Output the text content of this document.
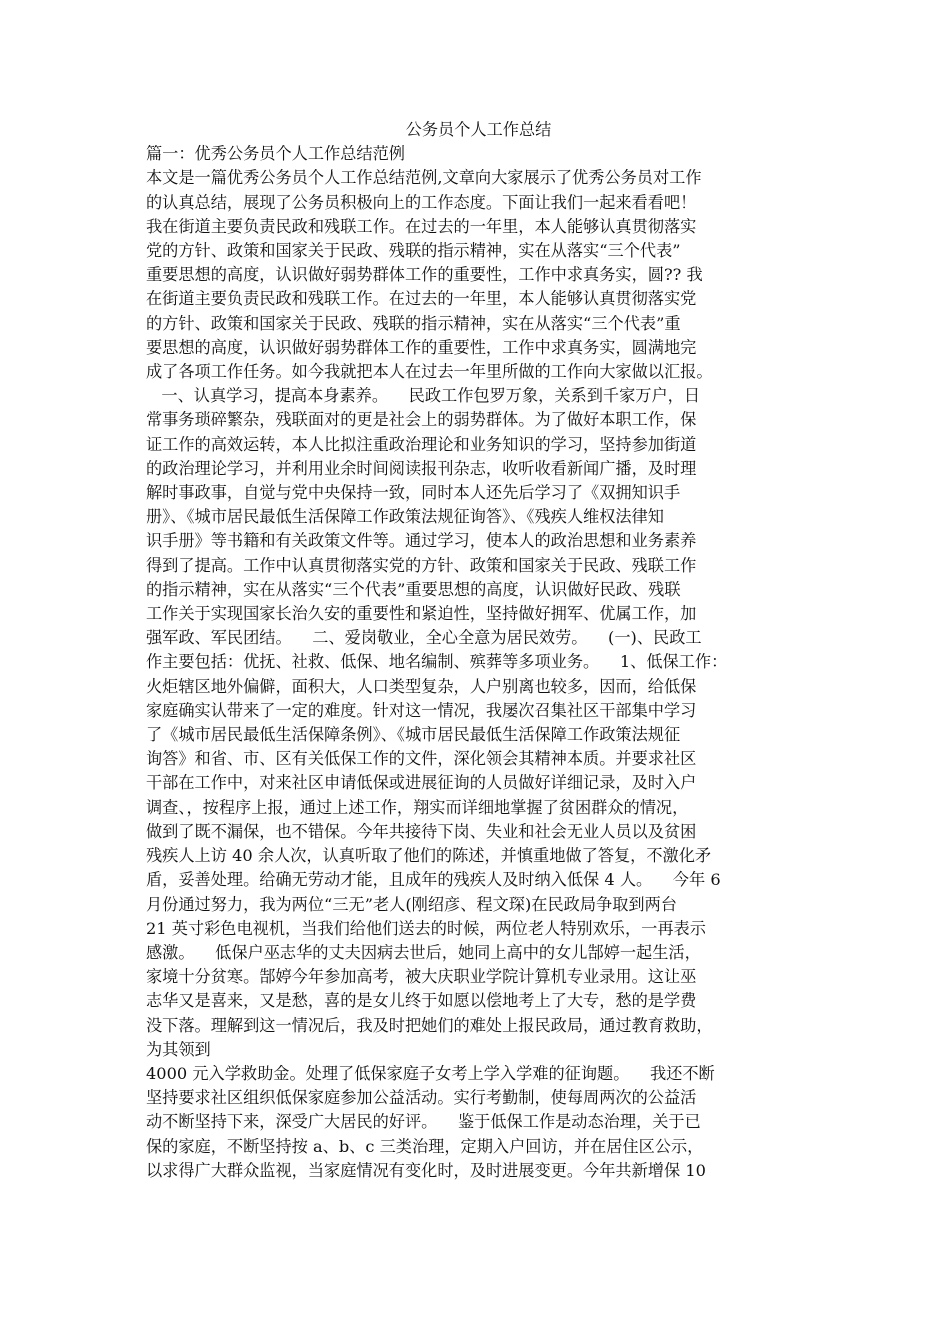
公务员个人工作总结
篇一：优秀公务员个人工作总结范例
本文是一篇优秀公务员个人工作总结范例,文章向大家展示了优秀公务员对工作
的认真总结，展现了公务员积极向上的工作态度。下面让我们一起来看看吧！
我在街道主要负责民政和残联工作。在过去的一年里，本人能够认真贯彻落实
党的方针、政策和国家关于民政、残联的指示精神，实在从落实“三个代表”
重要思想的高度，认识做好弱势群体工作的重要性，工作中求真务实，圆?? 我
在街道主要负责民政和残联工作。在过去的一年里，本人能够认真贯彻落实党
的方针、政策和国家关于民政、残联的指示精神，实在从落实“三个代表”重
要思想的高度，认识做好弱势群体工作的重要性，工作中求真务实，圆满地完
成了各项工作任务。如今我就把本人在过去一年里所做的工作向大家做以汇报。
一、认真学习，提高本身素养。    民政工作包罗万象，关系到千家万户，日
常事务琐碎繁杂，残联面对的更是社会上的弱势群体。为了做好本职工作，保
证工作的高效运转，本人比拟注重政治理论和业务知识的学习，坚持参加街道
的政治理论学习，并利用业余时间阅读报刊杂志，收听收看新闻广播，及时理
解时事政事，自觉与党中央保持一致，同时本人还先后学习了《双拥知识手
册》、《城市居民最低生活保障工作政策法规征询答》、《残疾人维权法律知
识手册》等书籍和有关政策文件等。通过学习，使本人的政治思想和业务素养
得到了提高。工作中认真贯彻落实党的方针、政策和国家关于民政、残联工作
的指示精神，实在从落实“三个代表”重要思想的高度，认识做好民政、残联
工作关于实现国家长治久安的重要性和紧迫性，坚持做好拥军、优属工作，加
强军政、军民团结。    二、爱岗敬业，全心全意为居民效劳。    (一)、民政工
作主要包括：优抚、社救、低保、地名编制、殡葬等多项业务。    1、低保工作：
火炬辖区地外偏僻，面积大，人口类型复杂，人户别离也较多，因而，给低保
家庭确实认带来了一定的难度。针对这一情况，我屡次召集社区干部集中学习
了《城市居民最低生活保障条例》、《城市居民最低生活保障工作政策法规征
询答》和省、市、区有关低保工作的文件，深化领会其精神本质。并要求社区
干部在工作中，对来社区申请低保或进展征询的人员做好详细记录，及时入户
调查、，按程序上报，通过上述工作，翔实而详细地掌握了贫困群众的情况，
做到了既不漏保，也不错保。今年共接待下岗、失业和社会无业人员以及贫困
残疾人上访 40 余人次，认真听取了他们的陈述，并慎重地做了答复，不激化矛
盾，妥善处理。给确无劳动才能，且成年的残疾人及时纳入低保 4 人。    今年 6
月份通过努力，我为两位“三无”老人(刚绍彦、程文琛)在民政局争取到两台
21 英寸彩色电视机，当我们给他们送去的时候，两位老人特别欢乐，一再表示
感激。    低保户巫志华的丈夫因病去世后，她同上高中的女儿郜婷一起生活，
家境十分贫寒。郜婷今年参加高考，被大庆职业学院计算机专业录用。这让巫
志华又是喜来，又是愁，喜的是女儿终于如愿以偿地考上了大专，愁的是学费
没下落。理解到这一情况后，我及时把她们的难处上报民政局，通过教育救助，
为其领到
4000 元入学救助金。处理了低保家庭子女考上学入学难的征询题。    我还不断
坚持要求社区组织低保家庭参加公益活动。实行考勤制，使每周两次的公益活
动不断坚持下来，深受广大居民的好评。    鉴于低保工作是动态治理，关于已
保的家庭，不断坚持按 a、b、c 三类治理，定期入户回访，并在居住区公示，
以求得广大群众监视，当家庭情况有变化时，及时进展变更。今年共新增保 10
